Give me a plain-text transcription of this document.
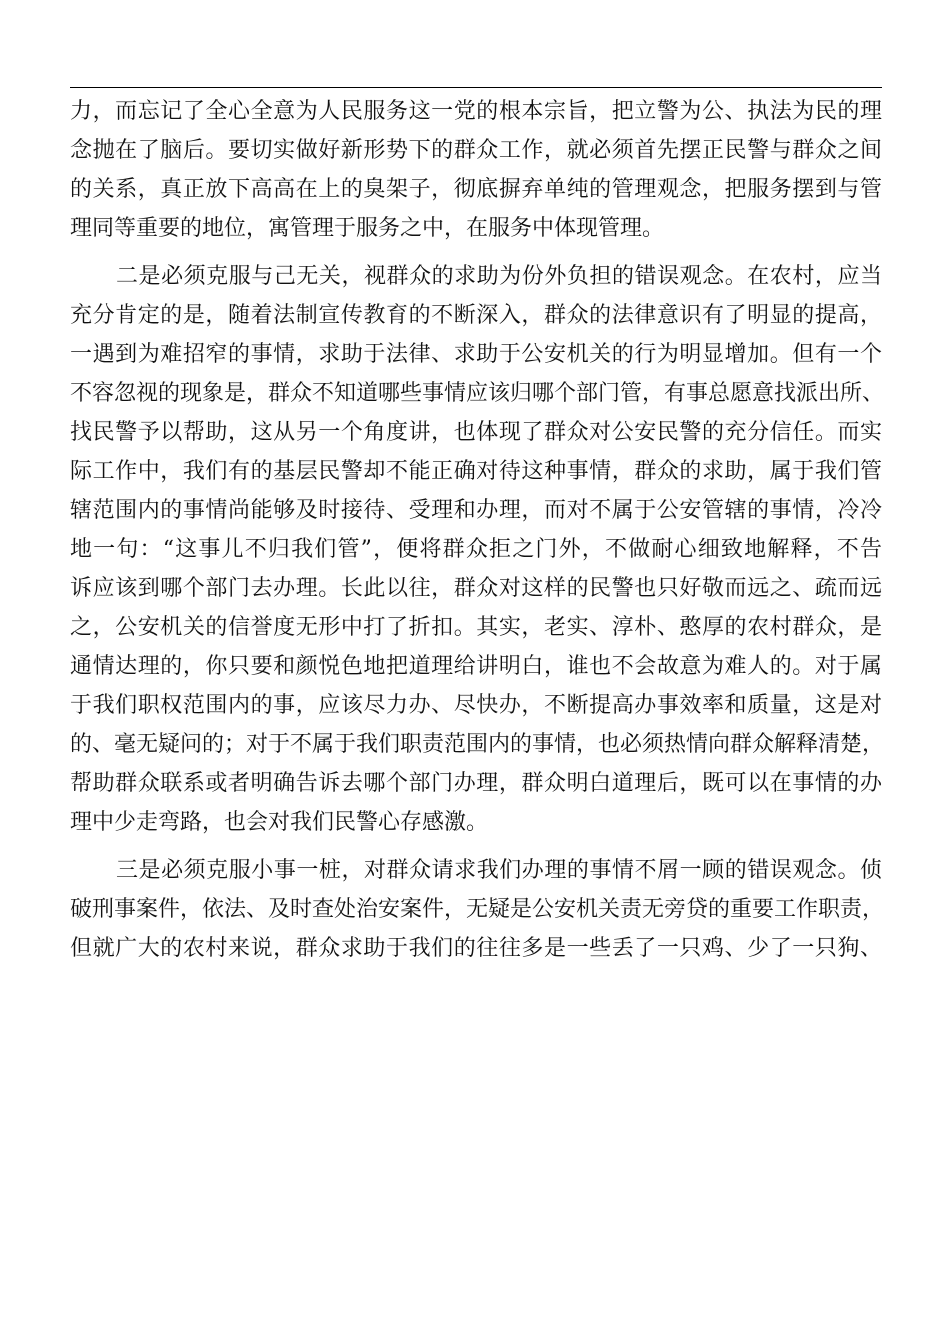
力，而忘记了全心全意为人民服务这一党的根本宗旨，把立警为公、执法为民的理
念抛在了脑后。要切实做好新形势下的群众工作，就必须首先摆正民警与群众之间
的关系，真正放下高高在上的臭架子，彻底摒弃单纯的管理观念，把服务摆到与管
理同等重要的地位，寓管理于服务之中，在服务中体现管理。
二是必须克服与己无关，视群众的求助为份外负担的错误观念。在农村，应当
充分肯定的是，随着法制宣传教育的不断深入，群众的法律意识有了明显的提高，
一遇到为难招窄的事情，求助于法律、求助于公安机关的行为明显增加。但有一个
不容忽视的现象是，群众不知道哪些事情应该归哪个部门管，有事总愿意找派出所、
找民警予以帮助，这从另一个角度讲，也体现了群众对公安民警的充分信任。而实
际工作中，我们有的基层民警却不能正确对待这种事情，群众的求助，属于我们管
辖范围内的事情尚能够及时接待、受理和办理，而对不属于公安管辖的事情，冷冷
地一句：“这事儿不归我们管”，便将群众拒之门外，不做耐心细致地解释，不告
诉应该到哪个部门去办理。长此以往，群众对这样的民警也只好敬而远之、疏而远
之，公安机关的信誉度无形中打了折扣。其实，老实、淳朴、憨厚的农村群众，是
通情达理的，你只要和颜悦色地把道理给讲明白，谁也不会故意为难人的。对于属
于我们职权范围内的事，应该尽力办、尽快办，不断提高办事效率和质量，这是对
的、毫无疑问的；对于不属于我们职责范围内的事情，也必须热情向群众解释清楚，
帮助群众联系或者明确告诉去哪个部门办理，群众明白道理后，既可以在事情的办
理中少走弯路，也会对我们民警心存感激。
三是必须克服小事一桩，对群众请求我们办理的事情不屑一顾的错误观念。侦
破刑事案件，依法、及时查处治安案件，无疑是公安机关责无旁贷的重要工作职责，
但就广大的农村来说，群众求助于我们的往往多是一些丢了一只鸡、少了一只狗、
